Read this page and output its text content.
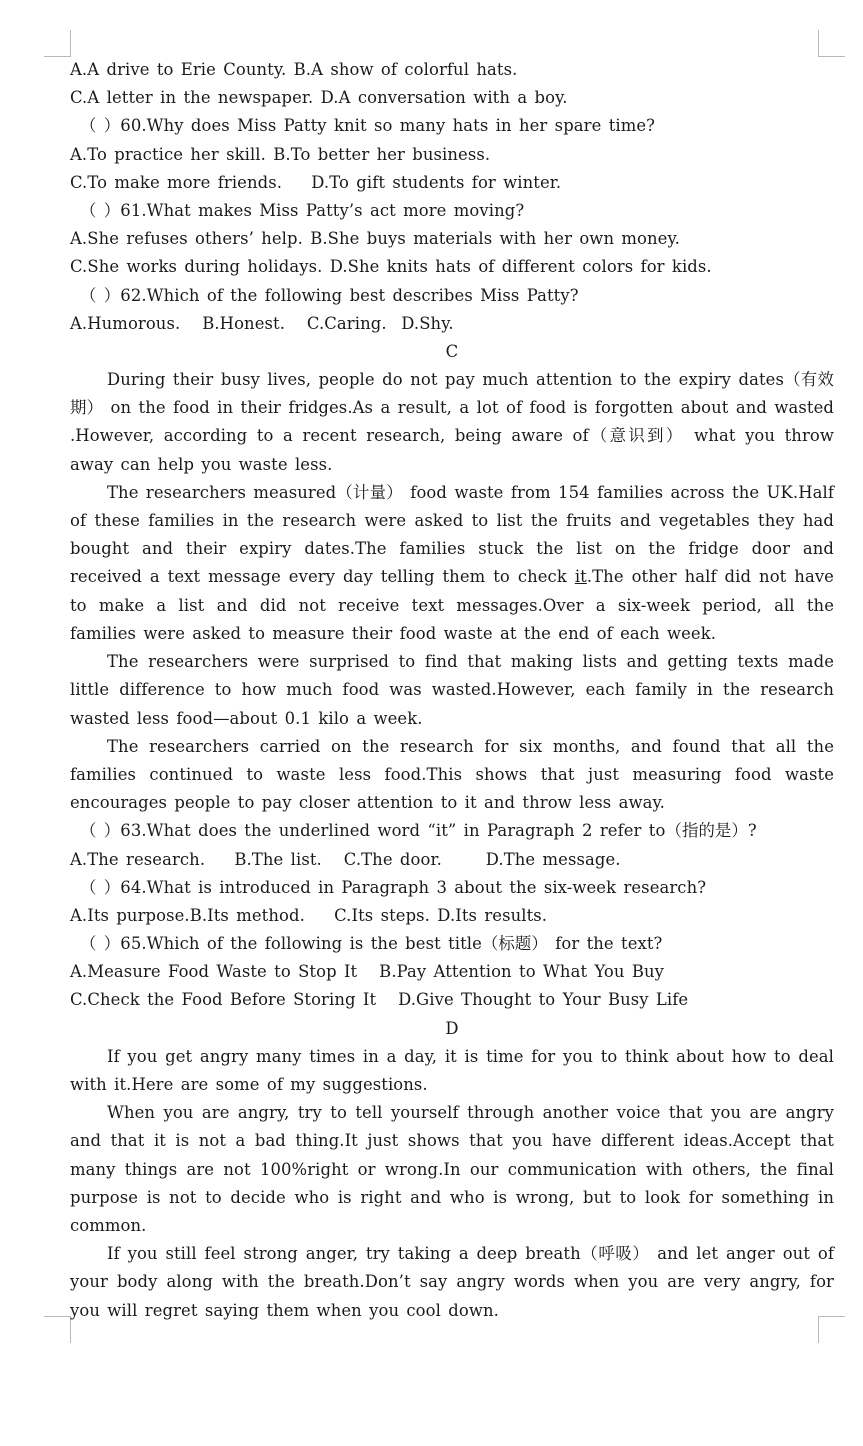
A.A drive to Erie County. B.A show of colorful hats.
C.A letter in the newspaper. D.A conversation with a boy.
（ ）60.Why does Miss Patty knit so many hats in her spare time?
A.To practice her skill. B.To better her business.
C.To make more friends.    D.To gift students for winter.
（ ）61.What makes Miss Patty’s act more moving?
A.She refuses others’ help. B.She buys materials with her own money.
C.She works during holidays. D.She knits hats of different colors for kids.
（ ）62.Which of the following best describes Miss Patty?
A.Humorous.   B.Honest.   C.Caring.  D.Shy.
C

During their busy lives, people do not pay much attention to the expiry dates（有效期） on the food in their fridges.As a result, a lot of food is forgotten about and wasted .However, according to a recent research, being aware of（意识到） what you throw away can help you waste less.

The researchers measured（计量） food waste from 154 families across the UK.Half of these families in the research were asked to list the fruits and vegetables they had bought and their expiry dates.The families stuck the list on the fridge door and received a text message every day telling them to check it.The other half did not have to make a list and did not receive text messages.Over a six-week period, all the families were asked to measure their food waste at the end of each week.

The researchers were surprised to find that making lists and getting texts made little difference to how much food was wasted.However, each family in the research wasted less food—about 0.1 kilo a week.

The researchers carried on the research for six months, and found that all the families continued to waste less food.This shows that just measuring food waste encourages people to pay closer attention to it and throw less away.

（ ）63.What does the underlined word “it” in Paragraph 2 refer to（指的是）?
A.The research.    B.The list.   C.The door.      D.The message.
（ ）64.What is introduced in Paragraph 3 about the six-week research?
A.Its purpose.B.Its method.    C.Its steps. D.Its results.
（ ）65.Which of the following is the best title（标题） for the text?
A.Measure Food Waste to Stop It   B.Pay Attention to What You Buy
C.Check the Food Before Storing It   D.Give Thought to Your Busy Life
D

If you get angry many times in a day, it is time for you to think about how to deal with it.Here are some of my suggestions.

When you are angry, try to tell yourself through another voice that you are angry and that it is not a bad thing.It just shows that you have different ideas.Accept that many things are not 100%right or wrong.In our communication with others, the final purpose is not to decide who is right and who is wrong, but to look for something in common.

If you still feel strong anger, try taking a deep breath（呼吸） and let anger out of your body along with the breath.Don’t say angry words when you are very angry, for you will regret saying them when you cool down.
